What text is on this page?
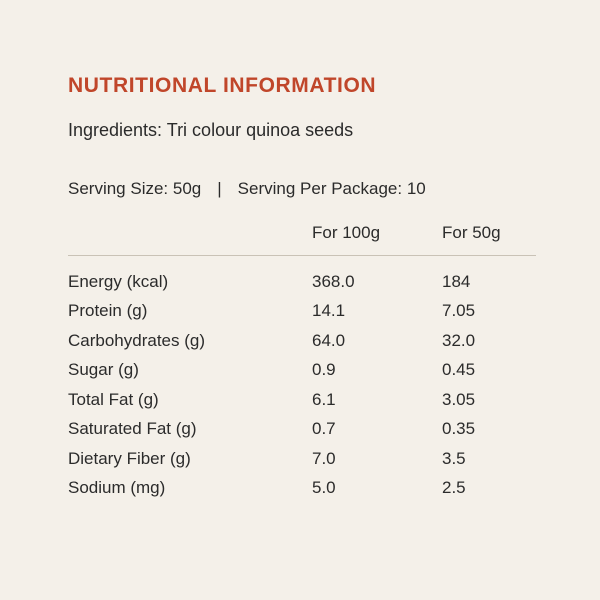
NUTRITIONAL INFORMATION

Ingredients: Tri colour quinoa seeds

Serving Size: 50g | Serving Per Package: 10
	For 100g	For 50g

Energy (kcal)	368.0	184
Protein (g)	14.1	7.05
Carbohydrates (g)	64.0	32.0
Sugar (g)	0.9	0.45
Total Fat (g)	6.1	3.05
Saturated Fat (g)	0.7	0.35
Dietary Fiber (g)	7.0	3.5
Sodium (mg)	5.0	2.5
